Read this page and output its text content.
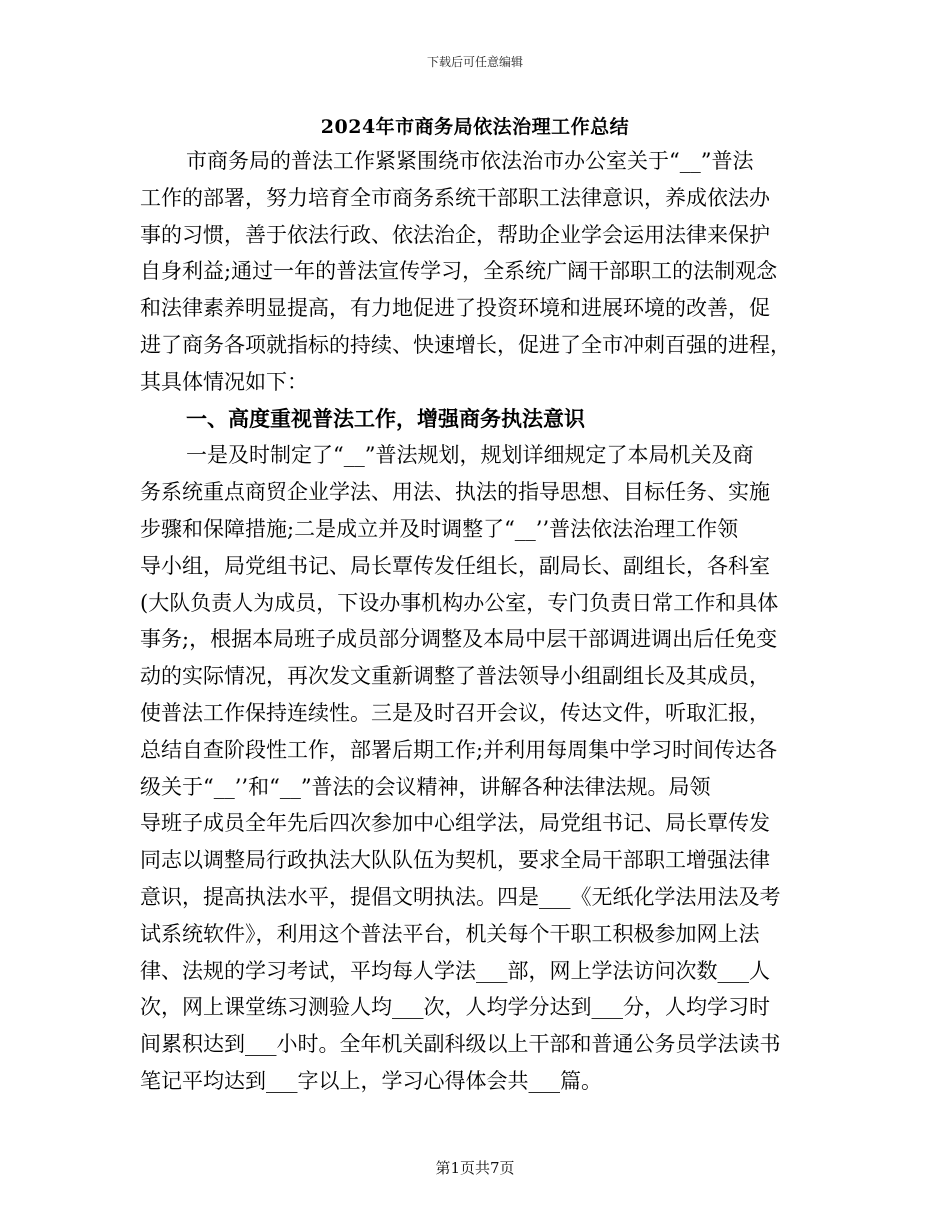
下载后可任意编辑
2024年市商务局依法治理工作总结
市商务局的普法工作紧紧围绕市依法治市办公室关于“__”普法
工作的部署，努力培育全市商务系统干部职工法律意识，养成依法办
事的习惯，善于依法行政、依法治企，帮助企业学会运用法律来保护
自身利益;通过一年的普法宣传学习，全系统广阔干部职工的法制观念
和法律素养明显提高，有力地促进了投资环境和进展环境的改善，促
进了商务各项就指标的持续、快速增长，促进了全市冲刺百强的进程，
其具体情况如下：
一、高度重视普法工作，增强商务执法意识
一是及时制定了“__”普法规划，规划详细规定了本局机关及商
务系统重点商贸企业学法、用法、执法的指导思想、目标任务、实施
步骤和保障措施;二是成立并及时调整了“__’’普法依法治理工作领
导小组，局党组书记、局长覃传发任组长，副局长、副组长，各科室
(大队负责人为成员，下设办事机构办公室，专门负责日常工作和具体
事务;，根据本局班子成员部分调整及本局中层干部调进调出后任免变
动的实际情况，再次发文重新调整了普法领导小组副组长及其成员，
使普法工作保持连续性。三是及时召开会议，传达文件，听取汇报，
总结自查阶段性工作，部署后期工作;并利用每周集中学习时间传达各
级关于“__’’和“__”普法的会议精神，讲解各种法律法规。局领
导班子成员全年先后四次参加中心组学法，局党组书记、局长覃传发
同志以调整局行政执法大队队伍为契机，要求全局干部职工增强法律
意识，提高执法水平，提倡文明执法。四是___《无纸化学法用法及考
试系统软件》，利用这个普法平台，机关每个干职工积极参加网上法
律、法规的学习考试，平均每人学法___部，网上学法访问次数___人
次，网上课堂练习测验人均___次，人均学分达到___分，人均学习时
间累积达到___小时。全年机关副科级以上干部和普通公务员学法读书
笔记平均达到___字以上，学习心得体会共___篇。
第1页共7页
